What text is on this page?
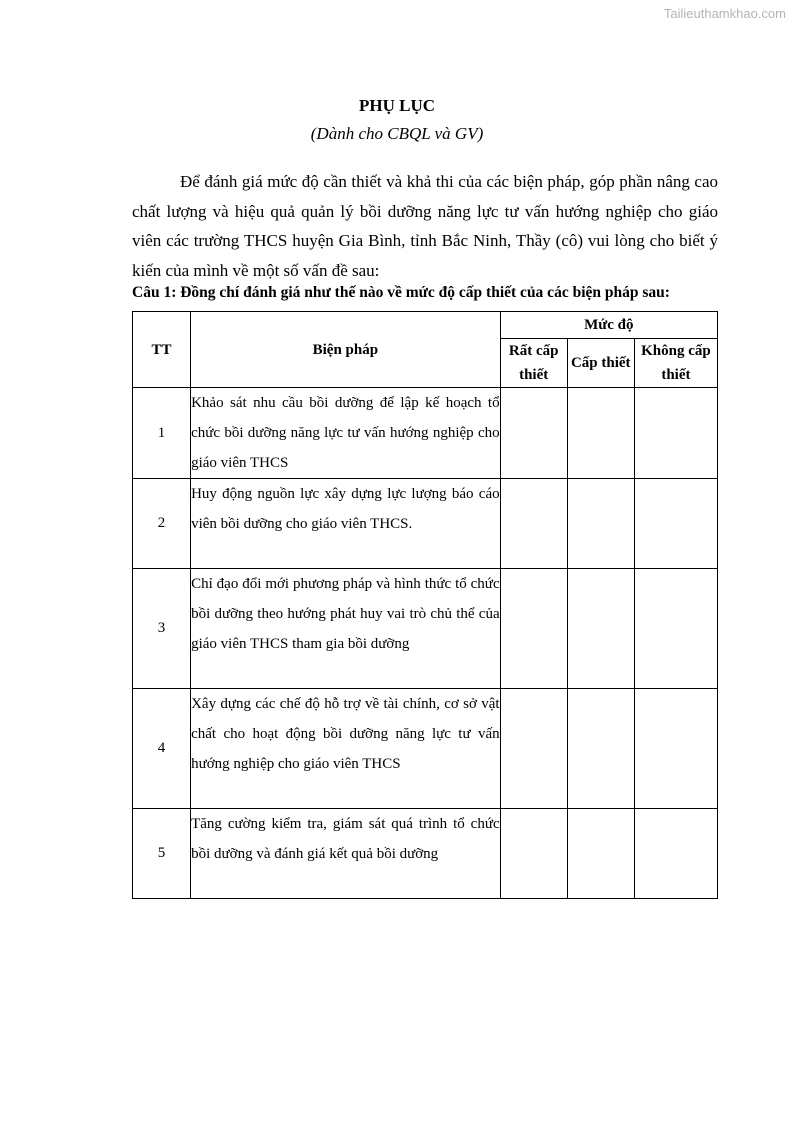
Tailieuthamkhao.com
PHỤ LỤC
(Dành cho CBQL và GV)

Để đánh giá mức độ cần thiết và khả thi của các biện pháp, góp phần nâng cao chất lượng và hiệu quả quản lý bồi dưỡng năng lực tư vấn hướng nghiệp cho giáo viên các trường THCS huyện Gia Bình, tỉnh Bắc Ninh, Thầy (cô) vui lòng cho biết ý kiến của mình về một số vấn đề sau:

Câu 1: Đồng chí đánh giá như thế nào về mức độ cấp thiết của các biện pháp sau:
TT	Biện pháp	Mức độ		
		Rất cấp thiết	Cấp thiết	Không cấp thiết
1	Khảo sát nhu cầu bồi dưỡng để lập kế hoạch tổ chức bồi dưỡng năng lực tư vấn hướng nghiệp cho giáo viên THCS			
2	Huy động nguồn lực xây dựng lực lượng báo cáo viên bồi dưỡng cho giáo viên THCS.			
3	Chỉ đạo đổi mới phương pháp và hình thức tổ chức bồi dưỡng theo hướng phát huy vai trò chủ thể của giáo viên THCS tham gia bồi dưỡng			
4	Xây dựng các chế độ hỗ trợ về tài chính, cơ sở vật chất cho hoạt động bồi dưỡng năng lực tư vấn hướng nghiệp cho giáo viên THCS			
5	Tăng cường kiểm tra, giám sát quá trình tổ chức bồi dưỡng và đánh giá kết quả bồi dưỡng			
